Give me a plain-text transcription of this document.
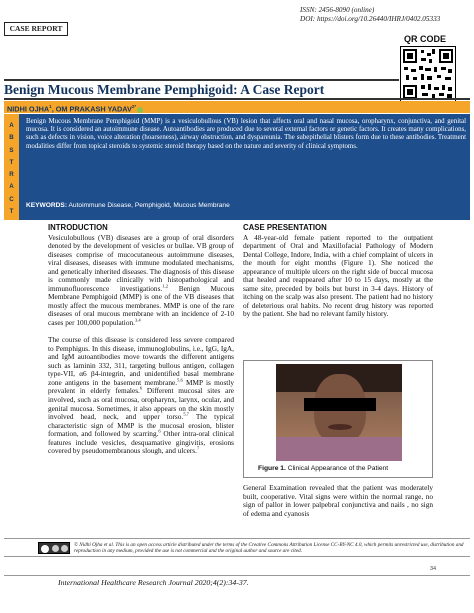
ISSN: 2456-8090 (online)
DOI: https://doi.org/10.26440/IHRJ/0402.05333
CASE REPORT
QR CODE
Benign Mucous Membrane Pemphigoid: A Case Report
NIDHI OJHA$^1$, OM PRAKASH $YADAV^{2*}$
A
B
S
T
R
A
C
T
Benign Mucous Membrane Pemphigoid (MMP) is a vesiculobullous (VB) lesion that affects oral and nasal mucosa, oropharynx, conjunctiva, and genital mucosa. It is considered an autoimmune disease. Autoantibodies are produced due to several external factors or genetic factors. It creates many complications, such as defects in vision, voice alteration (hoarseness), airway obstruction, and dyspareunia. The subepithelial blisters form due to these antibodies. Treatment modalities differ from topical steroids to systemic steroid therapy based on the nature and severity of clinical symptoms.
KEYWORDS: Autoimmune Disease, Pemphigoid, Mucous Membrane
INTRODUCTION

Vesiculobullous (VB) diseases are a group of oral disorders denoted by the development of vesicles or bullae. VB group of diseases comprise of mucocutaneous autoimmune diseases, viral diseases, diseases with immune modulated mechanisms, and genetically inherited diseases. The diagnosis of this disease is commonly made clinically with histopathological and immunofluorescence investigations.$^{1,2}$ Benign Mucous Membrane Pemphigoid (MMP) is one of the VB diseases that mostly affect the mucous membranes. MMP is one of the rare diseases of oral mucous membrane with an incidence of 2-10 cases per 100,000 population.$^{3,4}$

The course of this disease is considered less severe compared to Pemphigus. In this disease, immunoglobulins, i.e., IgG, IgA, and IgM autoantibodies move towards the different antigens such as laminin 332, 311, targeting bullous antigen, collagen type-VII, α6 β4-integrin, and unidentified basal membrane zone antigens in the basement membrane.$^{5,6}$ MMP is mostly prevalent in elderly females.$^6$ Different mucosal sites are involved, such as oral mucosa, oropharynx, larynx, ocular, and genital mucosa. Sometimes, it also appears on the skin mostly involved head, neck, and upper torso.$^{5,7}$ The typical characteristic sign of MMP is the mucosal erosion, blister formation, and followed by scarring.$^6$ Other intra-oral clinical features include vesicles, desquamative gingivitis, erosions covered by pseudomembranous slough, and ulcers.$^7$

CASE PRESENTATION

A 48-year-old female patient reported to the outpatient department of Oral and Maxillofacial Pathology of Modern Dental College, Indore, India, with a chief complaint of ulcers in the mouth for eight months (Figure 1). She noticed the appearance of multiple ulcers on the right side of buccal mucosa that healed and reappeared after 10 to 15 days, mostly at the same site, preceded by boils but burst in 3-4 days. History of itching on the scalp was also present. The patient had no history of deleterious oral habits. No recent drug history was reported by the patient. She had no relevant family history.

Figure 1. Clinical Appearance of the Patient

General Examination revealed that the patient was moderately built, cooperative. Vital signs were within the normal range, no sign of pallor in lower palpebral conjunctiva and nails , no sign of edema and cyanosis

© Nidhi Ojha et al. This is an open access article distributed under the terms of the Creative Commons Attribution License CC-BY-NC 4.0, which permits unrestricted use, distribution and reproduction in any medium, provided the use is not commercial and the original author and source are cited.
34
International Healthcare Research Journal 2020;4(2):34-37.
